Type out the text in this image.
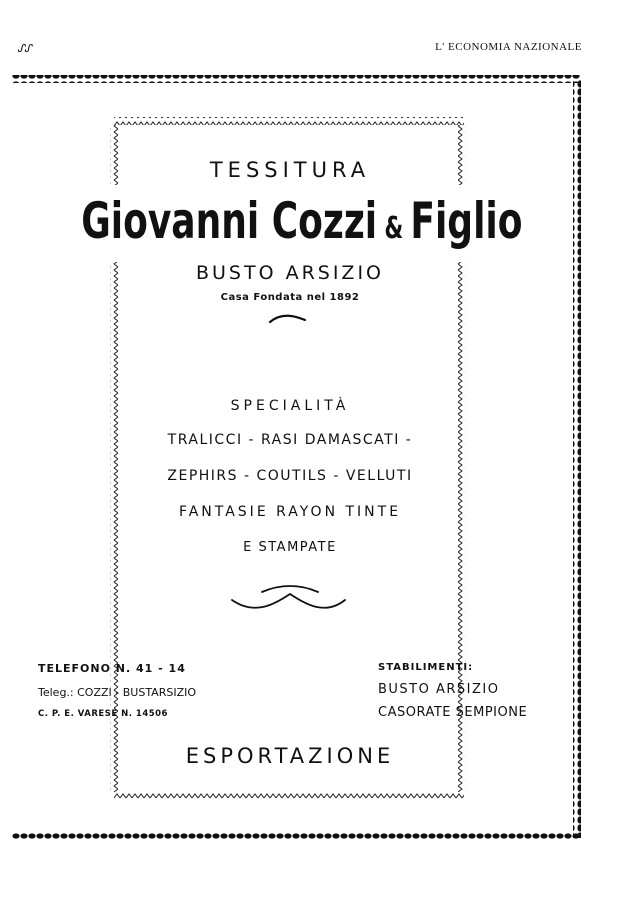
ᔑᔑ	L' ECONOMIA NAZIONALE
TESSITURA
Giovanni Cozzi & Figlio
BUSTO ARSIZIO
Casa Fondata nel 1892
SPECIALITÀ
TRALICCI - RASI DAMASCATI -
ZEPHIRS - COUTILS - VELLUTI
FANTASIE RAYON TINTE
E STAMPATE
TELEFONO N. 41 - 14
Teleg.: COZZI - BUSTARSIZIO
C. P. E. VARESE N. 14506
STABILIMENTI:
BUSTO ARSIZIO
CASORATE SEMPIONE
ESPORTAZIONE
